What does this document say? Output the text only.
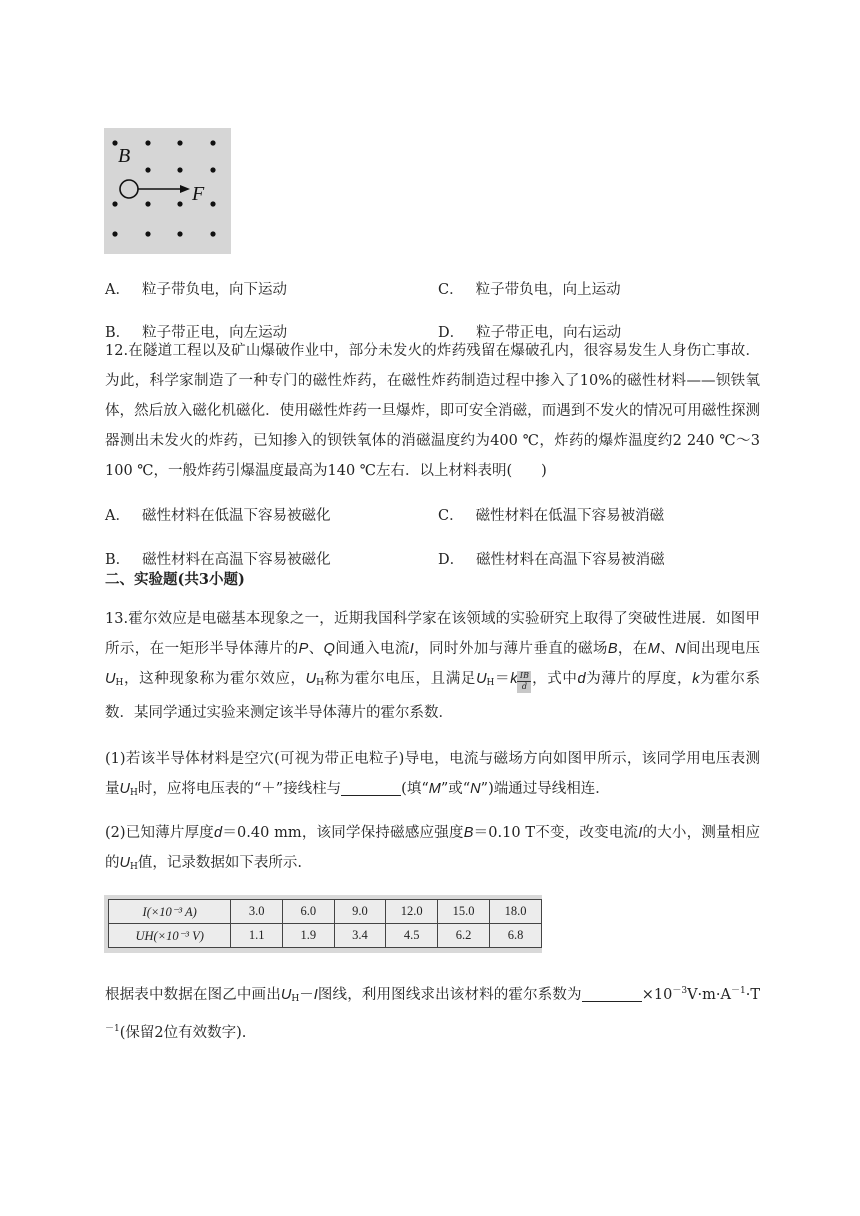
B
F
A． 粒子带负电，向下运动	C． 粒子带负电，向上运动
B． 粒子带正电，向左运动	D． 粒子带正电，向右运动
12.在隧道工程以及矿山爆破作业中，部分未发火的炸药残留在爆破孔内，很容易发生人身伤亡事故．为此，科学家制造了一种专门的磁性炸药，在磁性炸药制造过程中掺入了10%的磁性材料——钡铁氧体，然后放入磁化机磁化．使用磁性炸药一旦爆炸，即可安全消磁，而遇到不发火的情况可用磁性探测器测出未发火的炸药，已知掺入的钡铁氧体的消磁温度约为400 ℃，炸药的爆炸温度约2 240 ℃～3 100 ℃，一般炸药引爆温度最高为140 ℃左右．以上材料表明(　　)
A． 磁性材料在低温下容易被磁化	C． 磁性材料在低温下容易被消磁
B． 磁性材料在高温下容易被磁化	D． 磁性材料在高温下容易被消磁
二、实验题(共3小题)
13.霍尔效应是电磁基本现象之一，近期我国科学家在该领域的实验研究上取得了突破性进展．如图甲所示，在一矩形半导体薄片的P、Q间通入电流I，同时外加与薄片垂直的磁场B，在M、N间出现电压$U_H$，这种现象称为霍尔效应，$U_H$称为霍尔电压，且满足$U_H=k \frac{IB}{d}$，式中d为薄片的厚度，k为霍尔系数．某同学通过实验来测定该半导体薄片的霍尔系数．
(1)若该半导体材料是空穴(可视为带正电粒子)导电，电流与磁场方向如图甲所示，该同学用电压表测量$U_H$时，应将电压表的“＋”接线柱与	(填“M”或“N”)端通过导线相连．
(2)已知薄片厚度d＝0.40 mm，该同学保持磁感应强度B＝0.10 T不变，改变电流I的大小，测量相应的$U_H$值，记录数据如下表所示.
I(×10⁻³ A)	3.0	6.0	9.0	12.0	15.0	18.0
UH(×10⁻³ V)	1.1	1.9	3.4	4.5	6.2	6.8
根据表中数据在图乙中画出$U_H-I$图线，利用图线求出该材料的霍尔系数为	$\times 10^{-3}V\cdot m\cdot A^{-1}\cdot T^{-1}$(保留2位有效数字).
